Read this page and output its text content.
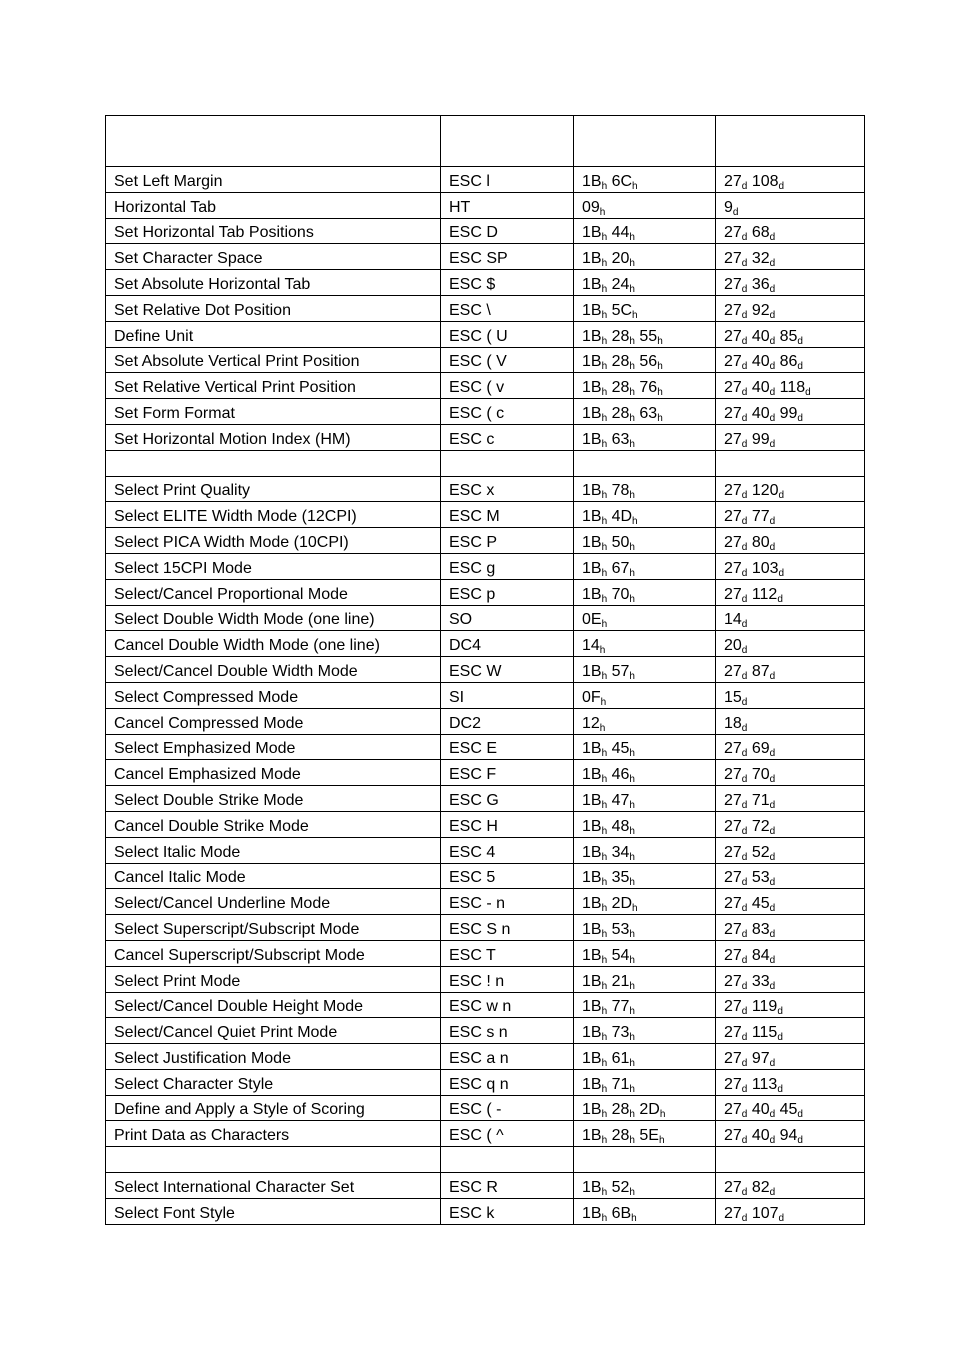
Set Left Margin	ESC l	$1B_h$ $6C_h$	$27_d$ $108_d$
Horizontal Tab	HT	$09_h$	$9_d$
Set Horizontal Tab Positions	ESC D	$1B_h$ $44_h$	$27_d$ $68_d$
Set Character Space	ESC SP	$1B_h$ $20_h$	$27_d$ $32_d$
Set Absolute Horizontal Tab	ESC $	$1B_h$ $24_h$	$27_d$ $36_d$
Set Relative Dot Position	ESC \	$1B_h$ $5C_h$	$27_d$ $92_d$
Define Unit	ESC ( U	$1B_h$ $28_h$ $55_h$	$27_d$ $40_d$ $85_d$
Set Absolute Vertical Print Position	ESC ( V	$1B_h$ $28_h$ $56_h$	$27_d$ $40_d$ $86_d$
Set Relative Vertical Print Position	ESC ( v	$1B_h$ $28_h$ $76_h$	$27_d$ $40_d$ $118_d$
Set Form Format	ESC ( c	$1B_h$ $28_h$ $63_h$	$27_d$ $40_d$ $99_d$
Set Horizontal Motion Index (HM)	ESC c	$1B_h$ $63_h$	$27_d$ $99_d$

Select Print Quality	ESC x	$1B_h$ $78_h$	$27_d$ $120_d$
Select ELITE Width Mode (12CPI)	ESC M	$1B_h$ $4D_h$	$27_d$ $77_d$
Select PICA Width Mode (10CPI)	ESC P	$1B_h$ $50_h$	$27_d$ $80_d$
Select 15CPI Mode	ESC g	$1B_h$ $67_h$	$27_d$ $103_d$
Select/Cancel Proportional Mode	ESC p	$1B_h$ $70_h$	$27_d$ $112_d$
Select Double Width Mode (one line)	SO	$0E_h$	$14_d$
Cancel Double Width Mode (one line)	DC4	$14_h$	$20_d$
Select/Cancel Double Width Mode	ESC W	$1B_h$ $57_h$	$27_d$ $87_d$
Select Compressed Mode	SI	$0F_h$	$15_d$
Cancel Compressed Mode	DC2	$12_h$	$18_d$
Select Emphasized Mode	ESC E	$1B_h$ $45_h$	$27_d$ $69_d$
Cancel Emphasized Mode	ESC F	$1B_h$ $46_h$	$27_d$ $70_d$
Select Double Strike Mode	ESC G	$1B_h$ $47_h$	$27_d$ $71_d$
Cancel Double Strike Mode	ESC H	$1B_h$ $48_h$	$27_d$ $72_d$
Select Italic Mode	ESC 4	$1B_h$ $34_h$	$27_d$ $52_d$
Cancel Italic Mode	ESC 5	$1B_h$ $35_h$	$27_d$ $53_d$
Select/Cancel Underline Mode	ESC - n	$1B_h$ $2D_h$	$27_d$ $45_d$
Select Superscript/Subscript Mode	ESC S n	$1B_h$ $53_h$	$27_d$ $83_d$
Cancel Superscript/Subscript Mode	ESC T	$1B_h$ $54_h$	$27_d$ $84_d$
Select Print Mode	ESC ! n	$1B_h$ $21_h$	$27_d$ $33_d$
Select/Cancel Double Height Mode	ESC w n	$1B_h$ $77_h$	$27_d$ $119_d$
Select/Cancel Quiet Print Mode	ESC s n	$1B_h$ $73_h$	$27_d$ $115_d$
Select Justification Mode	ESC a n	$1B_h$ $61_h$	$27_d$ $97_d$
Select Character Style	ESC q n	$1B_h$ $71_h$	$27_d$ $113_d$
Define and Apply a Style of Scoring	ESC ( -	$1B_h$ $28_h$ $2D_h$	$27_d$ $40_d$ $45_d$
Print Data as Characters	ESC ( ^	$1B_h$ $28_h$ $5E_h$	$27_d$ $40_d$ $94_d$

Select International Character Set	ESC R	$1B_h$ $52_h$	$27_d$ $82_d$
Select Font Style	ESC k	$1B_h$ $6B_h$	$27_d$ $107_d$
